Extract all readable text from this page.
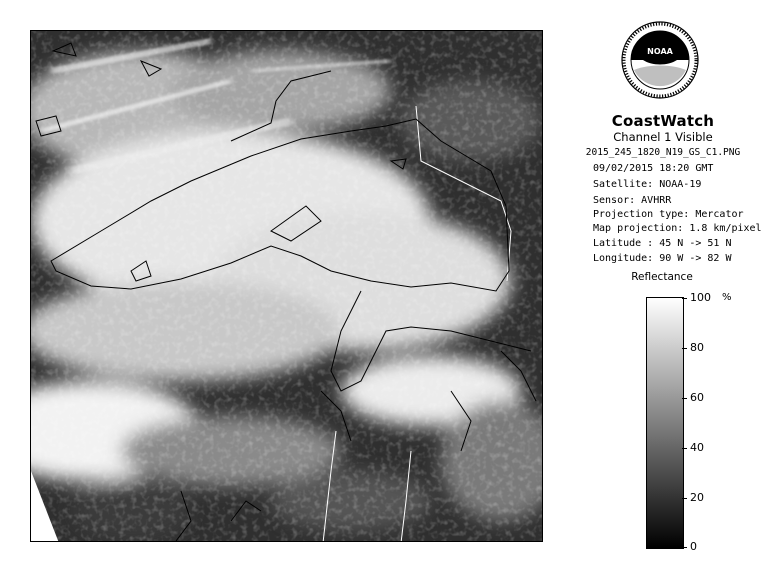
NOAA
CoastWatch
Channel 1 Visible
2015_245_1820_N19_GS_C1.PNG
09/02/2015 18:20 GMT
Satellite: NOAA-19
Sensor: AVHRR
Projection type: Mercator
Map projection: 1.8 km/pixel
Latitude : 45 N -> 51 N
Longitude: 90 W -> 82 W
Reflectance
%
100
80
60
40
20
0
